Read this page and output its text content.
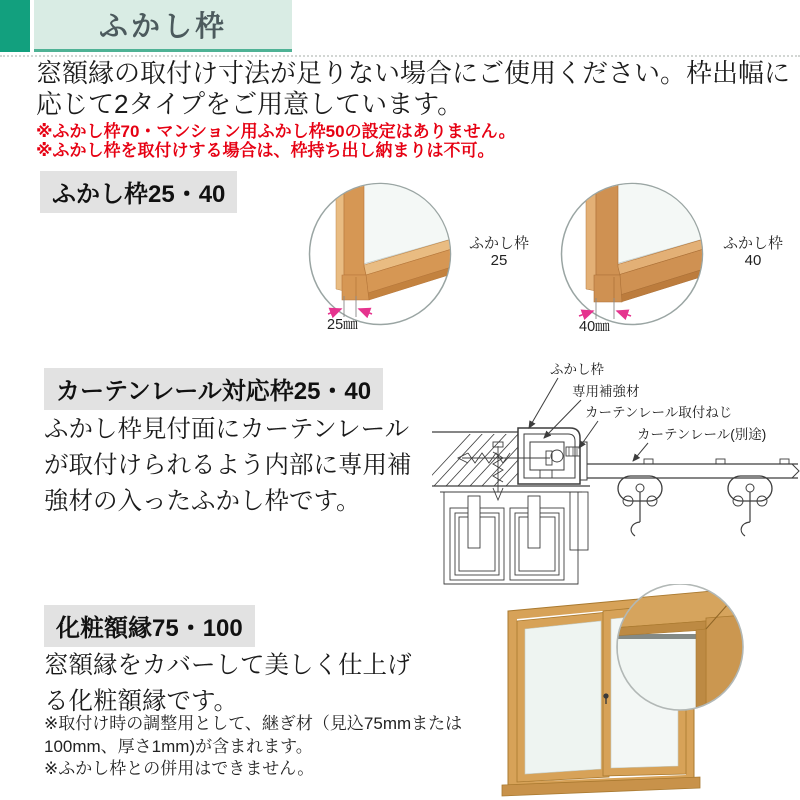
ふかし枠
窓額縁の取付け寸法が足りない場合にご使用ください。枠出幅に
応じて2タイプをご用意しています。
※ふかし枠70・マンション用ふかし枠50の設定はありません。
※ふかし枠を取付けする場合は、枠持ち出し納まりは不可。
ふかし枠25・40
25㎜
ふかし枠
25
40㎜
ふかし枠
40
カーテンレール対応枠25・40
ふかし枠見付面にカーテンレール
が取付けられるよう内部に専用補
強材の入ったふかし枠です。
ふかし枠
専用補強材
カーテンレール取付ねじ
カーテンレール(別途)
化粧額縁75・100
窓額縁をカバーして美しく仕上げ
る化粧額縁です。
※取付け時の調整用として、継ぎ材（見込75mmまたは
100mm、厚さ1mm)が含まれます。
※ふかし枠との併用はできません。
